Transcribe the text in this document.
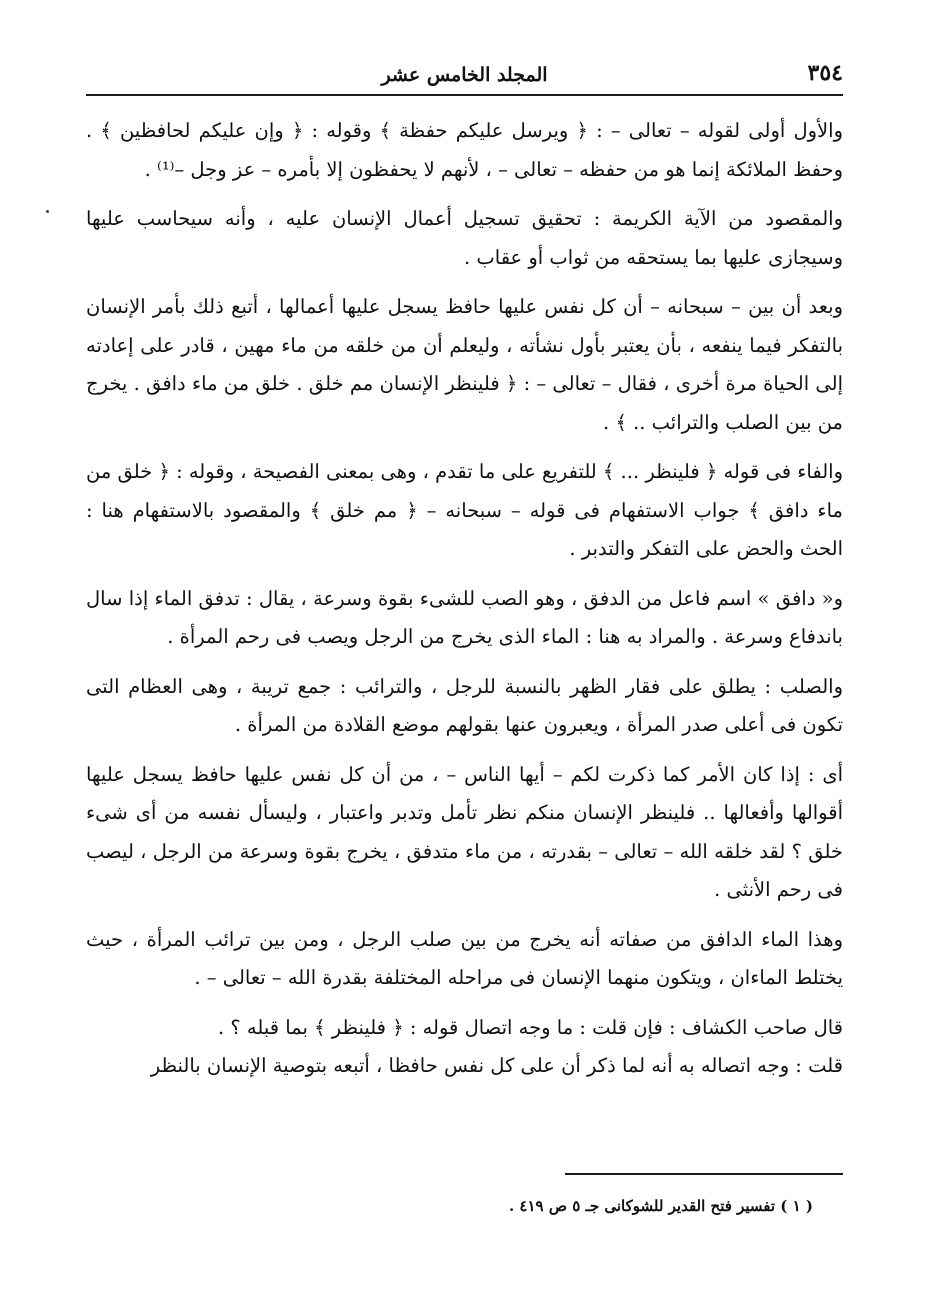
٣٥٤
المجلد الخامس عشر

والأول أولى لقوله – تعالى – : ﴿ ويرسل عليكم حفظة ﴾ وقوله : ﴿ وإن عليكم لحافظين ﴾ . وحفظ الملائكة إنما هو من حفظه – تعالى – ، لأنهم لا يحفظون إلا بأمره – عز وجل –⁽¹⁾ .

والمقصود من الآية الكريمة : تحقيق تسجيل أعمال الإنسان عليه ، وأنه سيحاسب عليها وسيجازى عليها بما يستحقه من ثواب أو عقاب .

وبعد أن بين – سبحانه – أن كل نفس عليها حافظ يسجل عليها أعمالها ، أتبع ذلك بأمر الإنسان بالتفكر فيما ينفعه ، بأن يعتبر بأول نشأته ، وليعلم أن من خلقه من ماء مهين ، قادر على إعادته إلى الحياة مرة أخرى ، فقال – تعالى – : ﴿ فلينظر الإنسان مم خلق . خلق من ماء دافق . يخرج من بين الصلب والترائب .. ﴾ .

والفاء فى قوله ﴿ فلينظر ... ﴾ للتفريع على ما تقدم ، وهى بمعنى الفصيحة ، وقوله : ﴿ خلق من ماء دافق ﴾ جواب الاستفهام فى قوله – سبحانه – ﴿ مم خلق ﴾ والمقصود بالاستفهام هنا : الحث والحض على التفكر والتدبر .

و« دافق » اسم فاعل من الدفق ، وهو الصب للشىء بقوة وسرعة ، يقال : تدفق الماء إذا سال باندفاع وسرعة . والمراد به هنا : الماء الذى يخرج من الرجل ويصب فى رحم المرأة .

والصلب : يطلق على فقار الظهر بالنسبة للرجل ، والترائب : جمع تريبة ، وهى العظام التى تكون فى أعلى صدر المرأة ، ويعبرون عنها بقولهم موضع القلادة من المرأة .

أى : إذا كان الأمر كما ذكرت لكم – أيها الناس – ، من أن كل نفس عليها حافظ يسجل عليها أقوالها وأفعالها .. فلينظر الإنسان منكم نظر تأمل وتدبر واعتبار ، وليسأل نفسه من أى شىء خلق ؟ لقد خلقه الله – تعالى – بقدرته ، من ماء متدفق ، يخرج بقوة وسرعة من الرجل ، ليصب فى رحم الأنثى .

وهذا الماء الدافق من صفاته أنه يخرج من بين صلب الرجل ، ومن بين ترائب المرأة ، حيث يختلط الماءان ، ويتكون منهما الإنسان فى مراحله المختلفة بقدرة الله – تعالى – .

قال صاحب الكشاف : فإن قلت : ما وجه اتصال قوله : ﴿ فلينظر ﴾ بما قبله ؟ .

قلت : وجه اتصاله به أنه لما ذكر أن على كل نفس حافظا ، أتبعه بتوصية الإنسان بالنظر

( ١ ) تفسير فتح القدير للشوكانى جـ ٥ ص ٤١٩ .
